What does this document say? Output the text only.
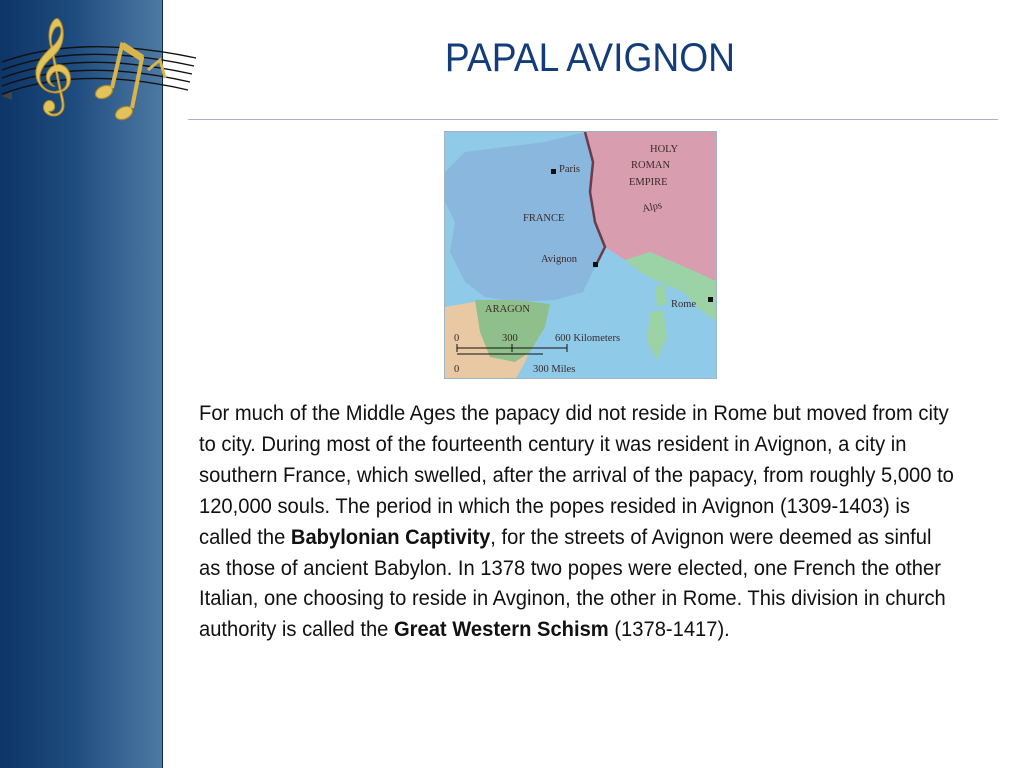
𝄞	PAPAL AVIGNON
HOLY
ROMAN
EMPIRE
Alps
Paris
FRANCE
Avignon
Rome
ARAGON
0	300	600 Kilometers
0	300 Miles
For much of the Middle Ages the papacy did not reside in Rome but moved from city to city. During most of the fourteenth century it was resident in Avignon, a city in southern France, which swelled, after the arrival of the papacy, from roughly 5,000 to 120,000 souls. The period in which the popes resided in Avignon (1309-1403) is called the Babylonian Captivity, for the streets of Avignon were deemed as sinful as those of ancient Babylon. In 1378 two popes were elected, one French the other Italian, one choosing to reside in Avginon, the other in Rome. This division in church authority is called the Great Western Schism (1378-1417).
